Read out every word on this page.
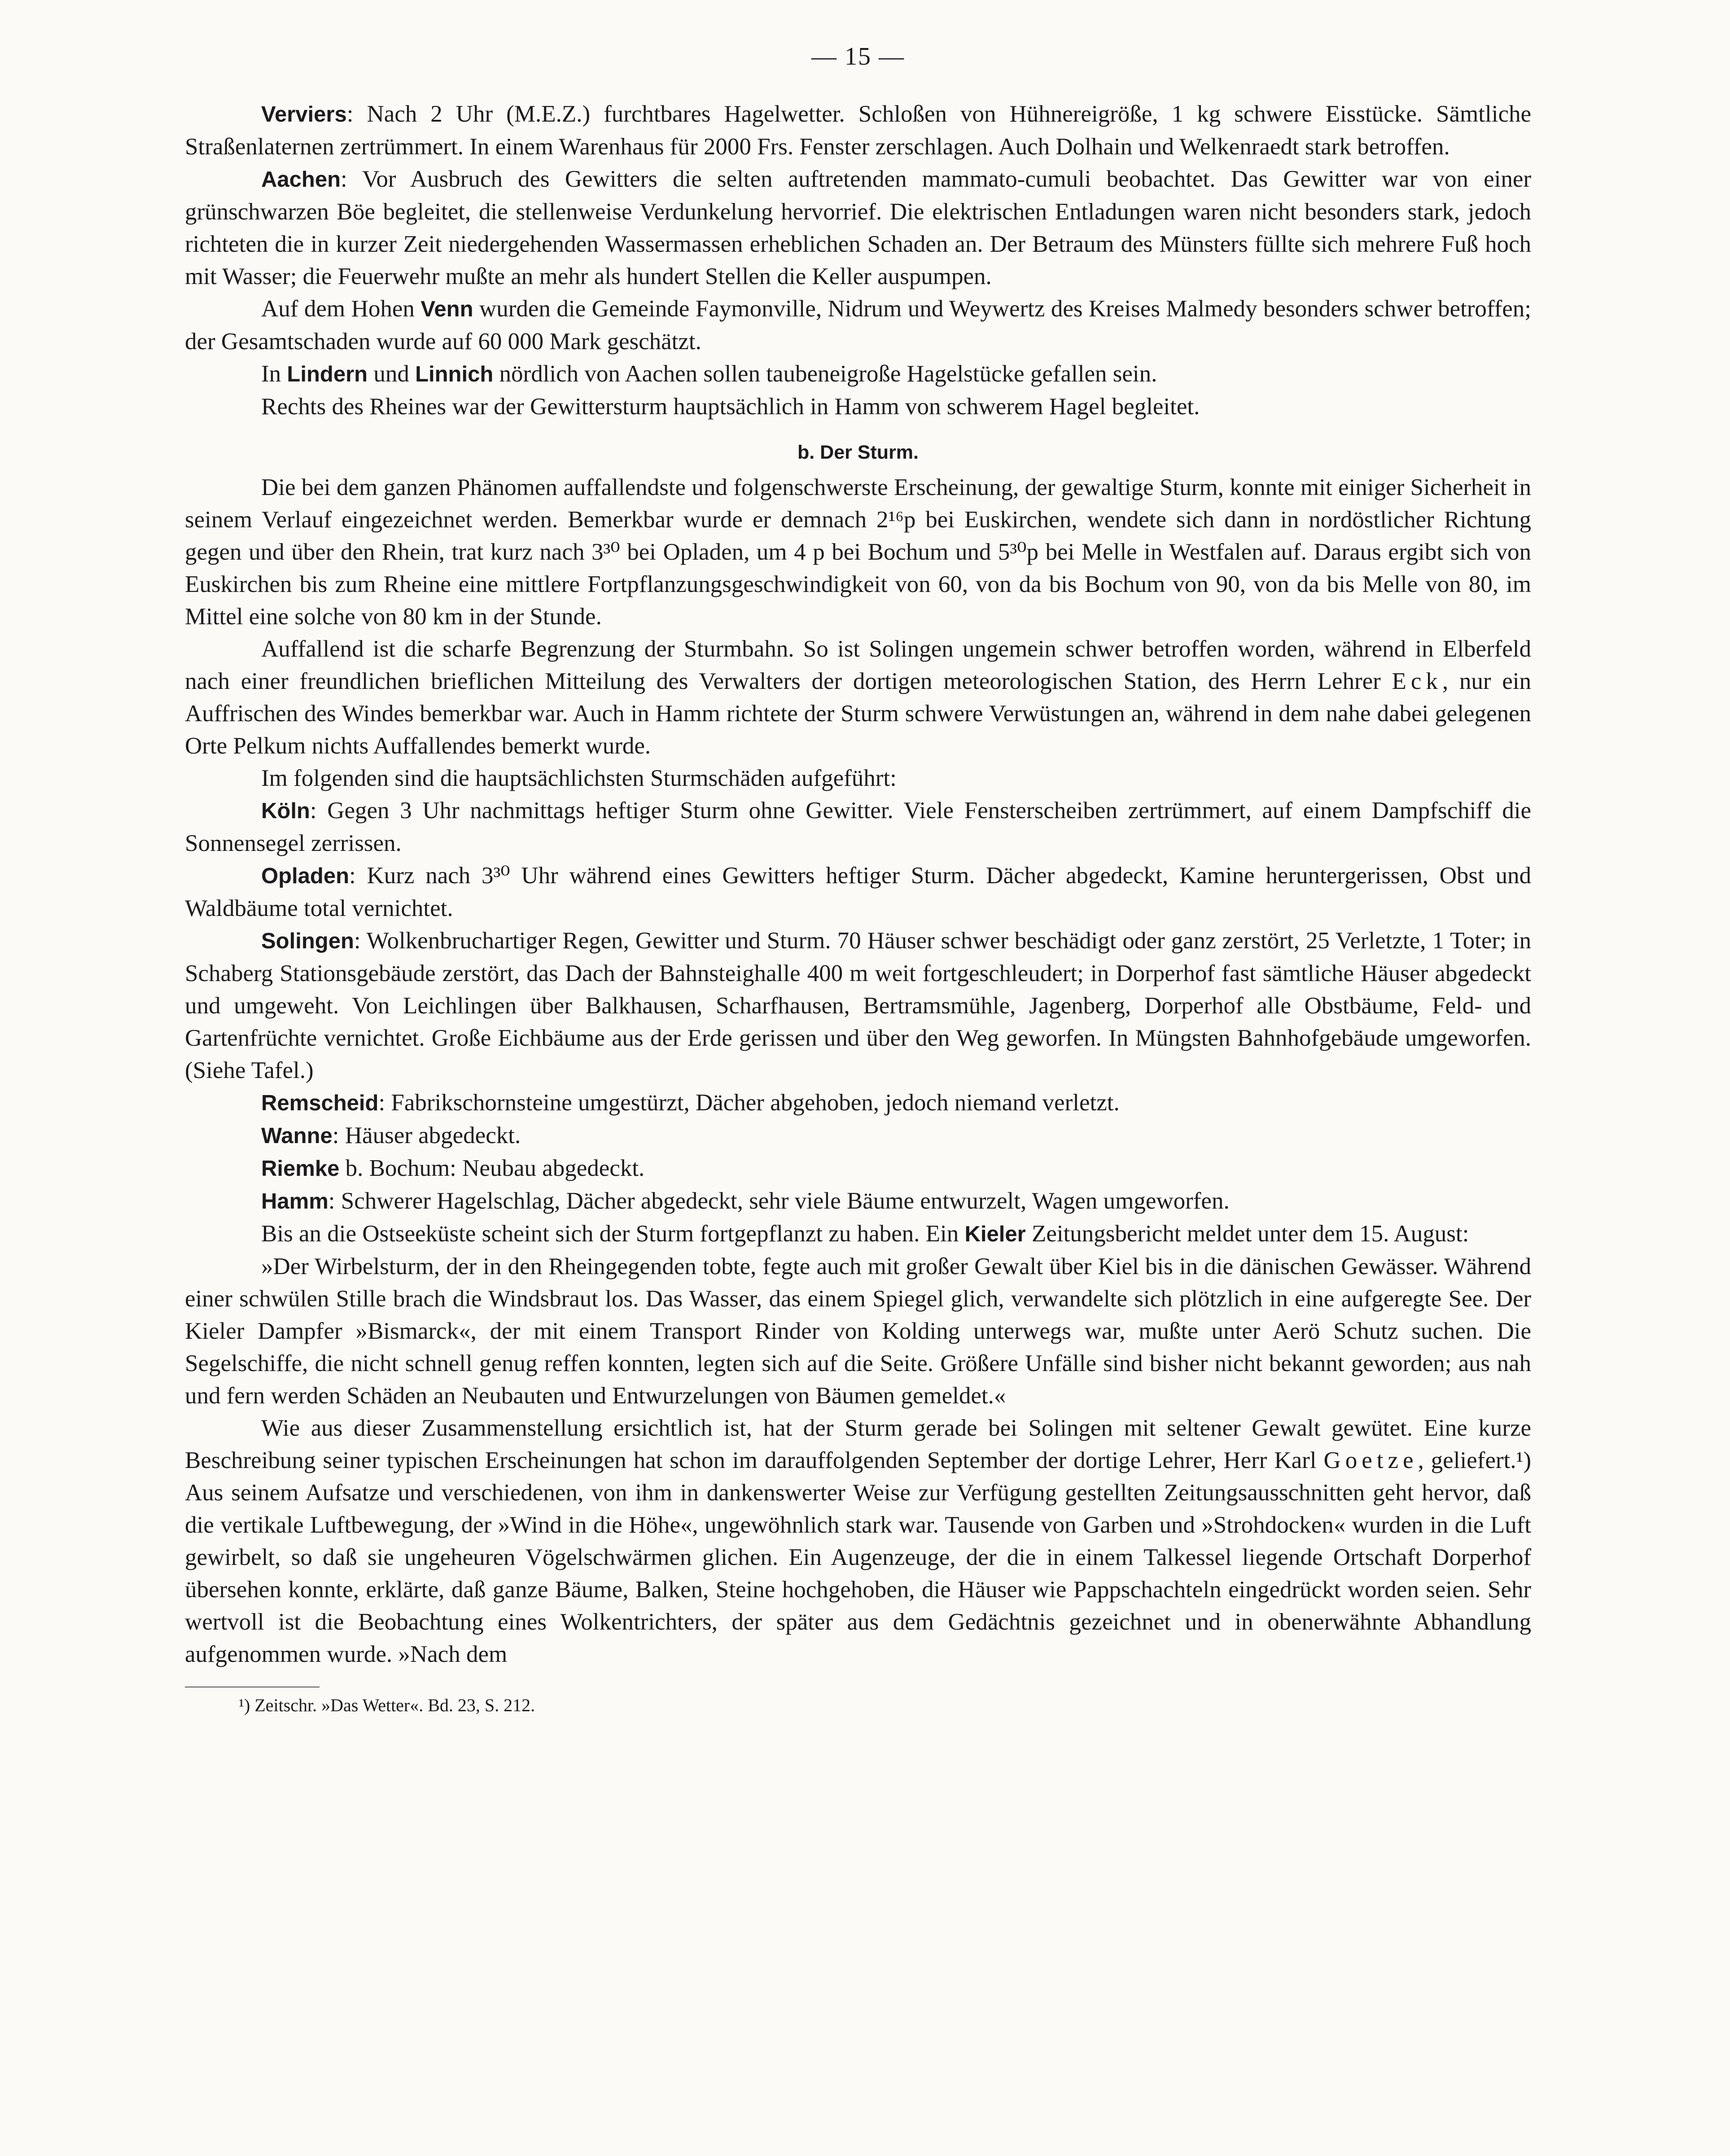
— 15 —

Verviers: Nach 2 Uhr (M.E.Z.) furchtbares Hagelwetter. Schloßen von Hühnereigröße, 1 kg schwere Eisstücke. Sämtliche Straßenlaternen zertrümmert. In einem Warenhaus für 2000 Frs. Fenster zerschlagen. Auch Dolhain und Welkenraedt stark betroffen.

Aachen: Vor Ausbruch des Gewitters die selten auftretenden mammato-cumuli beobachtet. Das Gewitter war von einer grünschwarzen Böe begleitet, die stellenweise Verdunkelung hervorrief. Die elektrischen Entladungen waren nicht besonders stark, jedoch richteten die in kurzer Zeit niedergehenden Wassermassen erheblichen Schaden an. Der Betraum des Münsters füllte sich mehrere Fuß hoch mit Wasser; die Feuerwehr mußte an mehr als hundert Stellen die Keller auspumpen.

Auf dem Hohen Venn wurden die Gemeinde Faymonville, Nidrum und Weywertz des Kreises Malmedy besonders schwer betroffen; der Gesamtschaden wurde auf 60 000 Mark geschätzt.

In Lindern und Linnich nördlich von Aachen sollen taubeneigroße Hagelstücke gefallen sein.

Rechts des Rheines war der Gewittersturm hauptsächlich in Hamm von schwerem Hagel begleitet.

b. Der Sturm.

Die bei dem ganzen Phänomen auffallendste und folgenschwerste Erscheinung, der gewaltige Sturm, konnte mit einiger Sicherheit in seinem Verlauf eingezeichnet werden. Bemerkbar wurde er demnach 2¹⁶p bei Euskirchen, wendete sich dann in nordöstlicher Richtung gegen und über den Rhein, trat kurz nach 3³⁰ bei Opladen, um 4 p bei Bochum und 5³⁰p bei Melle in Westfalen auf. Daraus ergibt sich von Euskirchen bis zum Rheine eine mittlere Fortpflanzungsgeschwindigkeit von 60, von da bis Bochum von 90, von da bis Melle von 80, im Mittel eine solche von 80 km in der Stunde.

Auffallend ist die scharfe Begrenzung der Sturmbahn. So ist Solingen ungemein schwer betroffen worden, während in Elberfeld nach einer freundlichen brieflichen Mitteilung des Verwalters der dortigen meteorologischen Station, des Herrn Lehrer Eck, nur ein Auffrischen des Windes bemerkbar war. Auch in Hamm richtete der Sturm schwere Verwüstungen an, während in dem nahe dabei gelegenen Orte Pelkum nichts Auffallendes bemerkt wurde.

Im folgenden sind die hauptsächlichsten Sturmschäden aufgeführt:

Köln: Gegen 3 Uhr nachmittags heftiger Sturm ohne Gewitter. Viele Fensterscheiben zertrümmert, auf einem Dampfschiff die Sonnensegel zerrissen.

Opladen: Kurz nach 3³⁰ Uhr während eines Gewitters heftiger Sturm. Dächer abgedeckt, Kamine heruntergerissen, Obst und Waldbäume total vernichtet.

Solingen: Wolkenbruchartiger Regen, Gewitter und Sturm. 70 Häuser schwer beschädigt oder ganz zerstört, 25 Verletzte, 1 Toter; in Schaberg Stationsgebäude zerstört, das Dach der Bahnsteighalle 400 m weit fortgeschleudert; in Dorperhof fast sämtliche Häuser abgedeckt und umgeweht. Von Leichlingen über Balkhausen, Scharfhausen, Bertramsmühle, Jagenberg, Dorperhof alle Obstbäume, Feld- und Gartenfrüchte vernichtet. Große Eichbäume aus der Erde gerissen und über den Weg geworfen. In Müngsten Bahnhofgebäude umgeworfen. (Siehe Tafel.)

Remscheid: Fabrikschornsteine umgestürzt, Dächer abgehoben, jedoch niemand verletzt.

Wanne: Häuser abgedeckt.

Riemke b. Bochum: Neubau abgedeckt.

Hamm: Schwerer Hagelschlag, Dächer abgedeckt, sehr viele Bäume entwurzelt, Wagen umgeworfen.

Bis an die Ostseeküste scheint sich der Sturm fortgepflanzt zu haben. Ein Kieler Zeitungsbericht meldet unter dem 15. August:

»Der Wirbelsturm, der in den Rheingegenden tobte, fegte auch mit großer Gewalt über Kiel bis in die dänischen Gewässer. Während einer schwülen Stille brach die Windsbraut los. Das Wasser, das einem Spiegel glich, verwandelte sich plötzlich in eine aufgeregte See. Der Kieler Dampfer »Bismarck«, der mit einem Transport Rinder von Kolding unterwegs war, mußte unter Aerö Schutz suchen. Die Segelschiffe, die nicht schnell genug reffen konnten, legten sich auf die Seite. Größere Unfälle sind bisher nicht bekannt geworden; aus nah und fern werden Schäden an Neubauten und Entwurzelungen von Bäumen gemeldet.«

Wie aus dieser Zusammenstellung ersichtlich ist, hat der Sturm gerade bei Solingen mit seltener Gewalt gewütet. Eine kurze Beschreibung seiner typischen Erscheinungen hat schon im darauffolgenden September der dortige Lehrer, Herr Karl Goetze, geliefert.¹) Aus seinem Aufsatze und verschiedenen, von ihm in dankenswerter Weise zur Verfügung gestellten Zeitungsausschnitten geht hervor, daß die vertikale Luftbewegung, der »Wind in die Höhe«, ungewöhnlich stark war. Tausende von Garben und »Strohdocken« wurden in die Luft gewirbelt, so daß sie ungeheuren Vögelschwärmen glichen. Ein Augenzeuge, der die in einem Talkessel liegende Ortschaft Dorperhof übersehen konnte, erklärte, daß ganze Bäume, Balken, Steine hochgehoben, die Häuser wie Pappschachteln eingedrückt worden seien. Sehr wertvoll ist die Beobachtung eines Wolkentrichters, der später aus dem Gedächtnis gezeichnet und in obenerwähnte Abhandlung aufgenommen wurde. »Nach dem

¹) Zeitschr. »Das Wetter«. Bd. 23, S. 212.
